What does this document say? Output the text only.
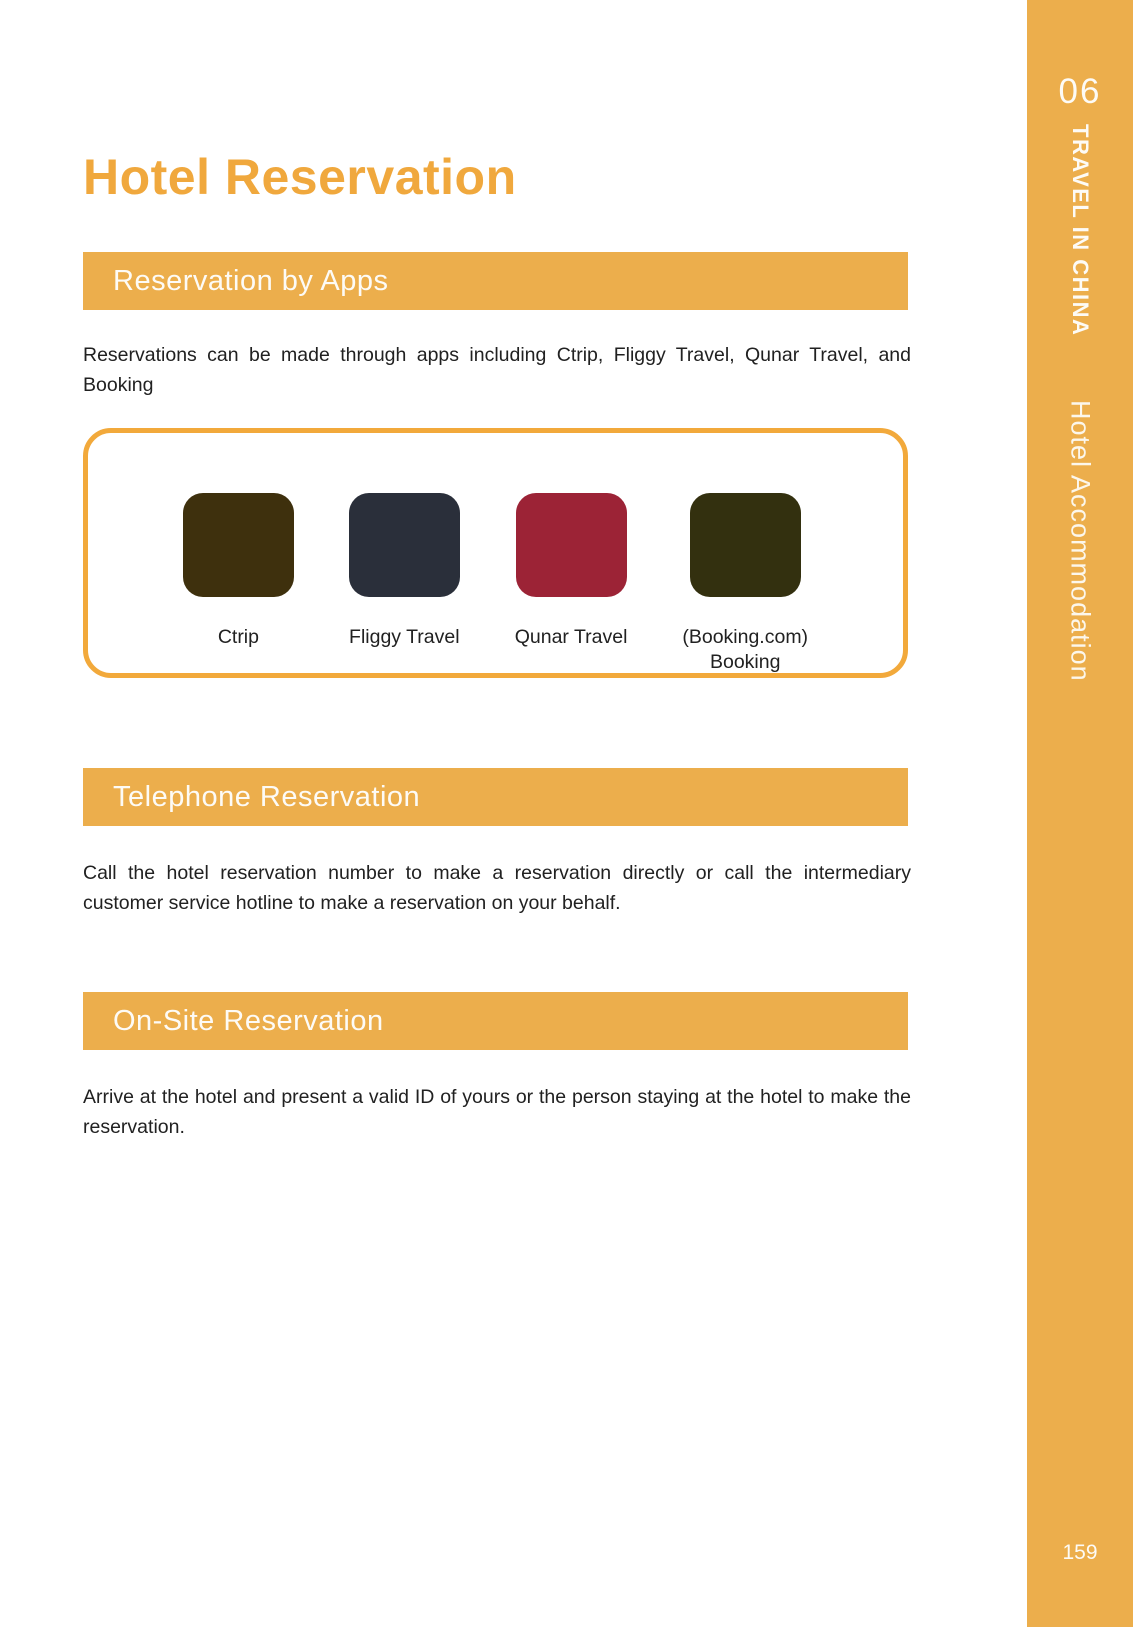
Hotel Reservation
Reservation by Apps

Reservations can be made through apps including Ctrip, Fliggy Travel, Qunar Travel, and Booking

Ctrip	Fliggy Travel	Qunar Travel	(Booking.com)
Booking
Telephone Reservation

Call the hotel reservation number to make a reservation directly or call the intermediary customer service hotline to make a reservation on your behalf.

On-Site Reservation

Arrive at the hotel and present a valid ID of yours or the person staying at the hotel to make the reservation.

06
TRAVEL IN CHINA
Hotel Accommodation
159
